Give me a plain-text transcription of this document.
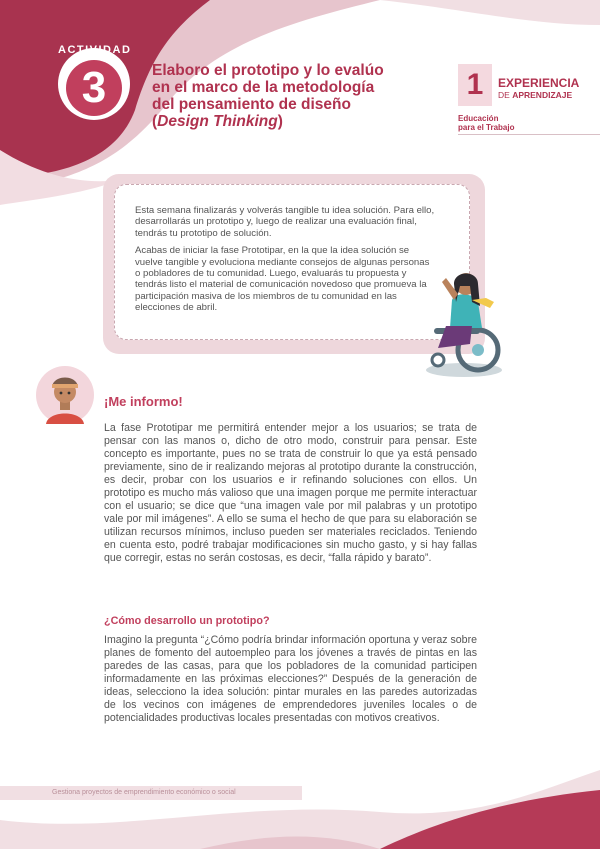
ACTIVIDAD
3	Elaboro el prototipo y lo evalúo en el marco de la metodología del pensamiento de diseño (Design Thinking)
1	EXPERIENCIA
DE APRENDIZAJE
Educación
para el Trabajo

Esta semana finalizarás y volverás tangible tu idea solución. Para ello, desarrollarás un prototipo y, luego de realizar una evaluación final, tendrás tu prototipo de solución.

Acabas de iniciar la fase Prototipar, en la que la idea solución se vuelve tangible y evoluciona mediante consejos de algunas personas o pobladores de tu comunidad. Luego, evaluarás tu propuesta y tendrás listo el material de comunicación novedoso que promueva la participación masiva de los miembros de tu comunidad en las elecciones de abril.

¡Me informo!

La fase Prototipar me permitirá entender mejor a los usuarios; se trata de pensar con las manos o, dicho de otro modo, construir para pensar. Este concepto es importante, pues no se trata de construir lo que ya está pensado previamente, sino de ir realizando mejoras al prototipo durante la construcción, es decir, probar con los usuarios e ir refinando soluciones con ellos. Un prototipo es mucho más valioso que una imagen porque me permite interactuar con el usuario; se dice que “una imagen vale por mil palabras y un prototipo vale por mil imágenes”. A ello se suma el hecho de que para su elaboración se utilizan recursos mínimos, incluso pueden ser materiales reciclados. Teniendo en cuenta esto, podré trabajar modificaciones sin mucho gasto, y si hay fallas que corregir, estas no serán costosas, es decir, “falla rápido y barato”.

¿Cómo desarrollo un prototipo?

Imagino la pregunta “¿Cómo podría brindar información oportuna y veraz sobre planes de fomento del autoempleo para los jóvenes a través de pintas en las paredes de las casas, para que los pobladores de la comunidad participen informadamente en las próximas elecciones?” Después de la generación de ideas, selecciono la idea solución: pintar murales en las paredes autorizadas de los vecinos con imágenes de emprendedores juveniles locales o de potencialidades productivas locales presentadas con motivos creativos.

Gestiona proyectos de emprendimiento económico o social
